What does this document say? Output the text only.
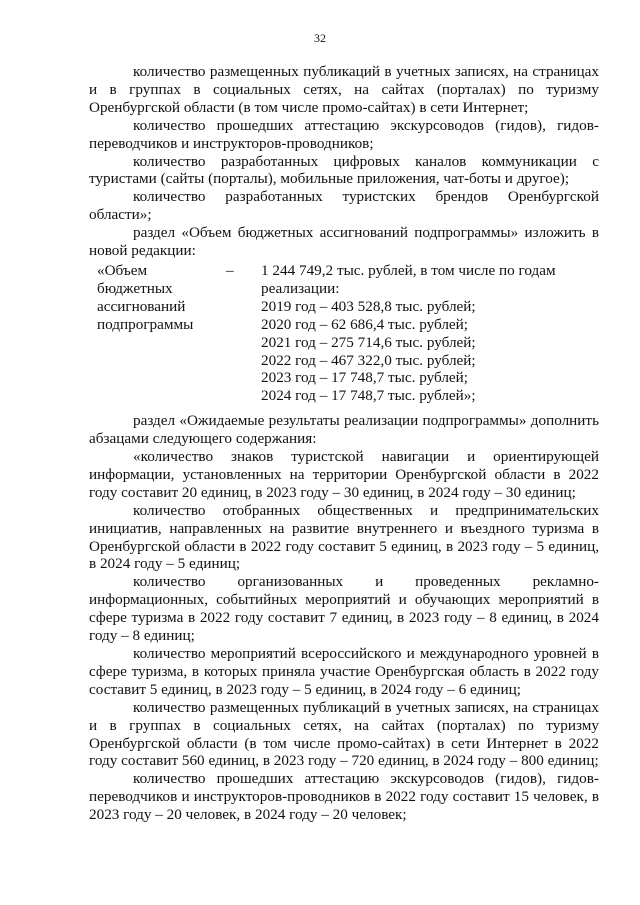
32

количество размещенных публикаций в учетных записях, на страницах и в группах в социальных сетях, на сайтах (порталах) по туризму Оренбургской области (в том числе промо-сайтах) в сети Интернет;

количество прошедших аттестацию экскурсоводов (гидов), гидов-переводчиков и инструкторов-проводников;

количество разработанных цифровых каналов коммуникации с туристами (сайты (порталы), мобильные приложения, чат-боты и другое);

количество разработанных туристских брендов Оренбургской области»;

раздел «Объем бюджетных ассигнований подпрограммы» изложить в новой редакции:

«Объем бюджетных
ассигнований
подпрограммы
–	1 244 749,2 тыс. рублей, в том числе по годам
реализации:
2019 год – 403 528,8 тыс. рублей;
2020 год – 62 686,4 тыс. рублей;
2021 год – 275 714,6 тыс. рублей;
2022 год – 467 322,0 тыс. рублей;
2023 год – 17 748,7 тыс. рублей;
2024 год – 17 748,7 тыс. рублей»;

раздел «Ожидаемые результаты реализации подпрограммы» дополнить абзацами следующего содержания:

«количество знаков туристской навигации и ориентирующей информации, установленных на территории Оренбургской области в 2022 году составит 20 единиц, в 2023 году – 30 единиц, в 2024 году – 30 единиц;

количество отобранных общественных и предпринимательских инициатив, направленных на развитие внутреннего и въездного туризма в Оренбургской области в 2022 году составит 5 единиц, в 2023 году – 5 единиц, в 2024 году – 5 единиц;

количество организованных и проведенных рекламно-информационных, событийных мероприятий и обучающих мероприятий в сфере туризма в 2022 году составит 7 единиц, в 2023 году – 8 единиц, в 2024 году – 8 единиц;

количество мероприятий всероссийского и международного уровней в сфере туризма, в которых приняла участие Оренбургская область в 2022 году составит 5 единиц, в 2023 году – 5 единиц, в 2024 году – 6 единиц;

количество размещенных публикаций в учетных записях, на страницах и в группах в социальных сетях, на сайтах (порталах) по туризму Оренбургской области (в том числе промо-сайтах) в сети Интернет в 2022 году составит 560 единиц, в 2023 году – 720 единиц, в 2024 году – 800 единиц;

количество прошедших аттестацию экскурсоводов (гидов), гидов-переводчиков и инструкторов-проводников в 2022 году составит 15 человек, в 2023 году – 20 человек, в 2024 году – 20 человек;
